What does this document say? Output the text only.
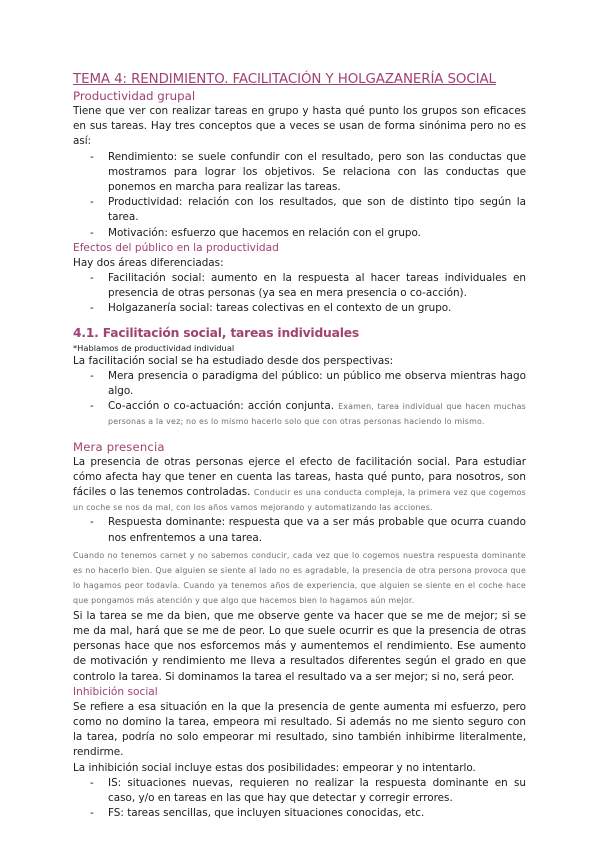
TEMA 4: RENDIMIENTO. FACILITACIÓN Y HOLGAZANERÍA SOCIAL
Productividad grupal

Tiene que ver con realizar tareas en grupo y hasta qué punto los grupos son eficaces en sus tareas. Hay tres conceptos que a veces se usan de forma sinónima pero no es así:

- Rendimiento: se suele confundir con el resultado, pero son las conductas que mostramos para lograr los objetivos. Se relaciona con las conductas que ponemos en marcha para realizar las tareas.
- Productividad: relación con los resultados, que son de distinto tipo según la tarea.
- Motivación: esfuerzo que hacemos en relación con el grupo.
Efectos del público en la productividad

Hay dos áreas diferenciadas:

- Facilitación social: aumento en la respuesta al hacer tareas individuales en presencia de otras personas (ya sea en mera presencia o co-acción).
- Holgazanería social: tareas colectivas en el contexto de un grupo.
4.1. Facilitación social, tareas individuales

*Hablamos de productividad individual

La facilitación social se ha estudiado desde dos perspectivas:

- Mera presencia o paradigma del público: un público me observa mientras hago algo.
- Co-acción o co-actuación: acción conjunta. Examen, tarea individual que hacen muchas personas a la vez; no es lo mismo hacerlo solo que con otras personas haciendo lo mismo.
Mera presencia

La presencia de otras personas ejerce el efecto de facilitación social. Para estudiar cómo afecta hay que tener en cuenta las tareas, hasta qué punto, para nosotros, son fáciles o las tenemos controladas. Conducir es una conducta compleja, la primera vez que cogemos un coche se nos da mal, con los años vamos mejorando y automatizando las acciones.

- Respuesta dominante: respuesta que va a ser más probable que ocurra cuando nos enfrentemos a una tarea.

Cuando no tenemos carnet y no sabemos conducir, cada vez que lo cogemos nuestra respuesta dominante es no hacerlo bien. Que alguien se siente al lado no es agradable, la presencia de otra persona provoca que lo hagamos peor todavía. Cuando ya tenemos años de experiencia, que alguien se siente en el coche hace que pongamos más atención y que algo que hacemos bien lo hagamos aún mejor.

Si la tarea se me da bien, que me observe gente va hacer que se me de mejor; si se me da mal, hará que se me de peor. Lo que suele ocurrir es que la presencia de otras personas hace que nos esforcemos más y aumentemos el rendimiento. Ese aumento de motivación y rendimiento me lleva a resultados diferentes según el grado en que controlo la tarea. Si dominamos la tarea el resultado va a ser mejor; si no, será peor.

Inhibición social

Se refiere a esa situación en la que la presencia de gente aumenta mi esfuerzo, pero como no domino la tarea, empeora mi resultado. Si además no me siento seguro con la tarea, podría no solo empeorar mi resultado, sino también inhibirme literalmente, rendirme.

La inhibición social incluye estas dos posibilidades: empeorar y no intentarlo.

- IS: situaciones nuevas, requieren no realizar la respuesta dominante en su caso, y/o en tareas en las que hay que detectar y corregir errores.
- FS: tareas sencillas, que incluyen situaciones conocidas, etc.
